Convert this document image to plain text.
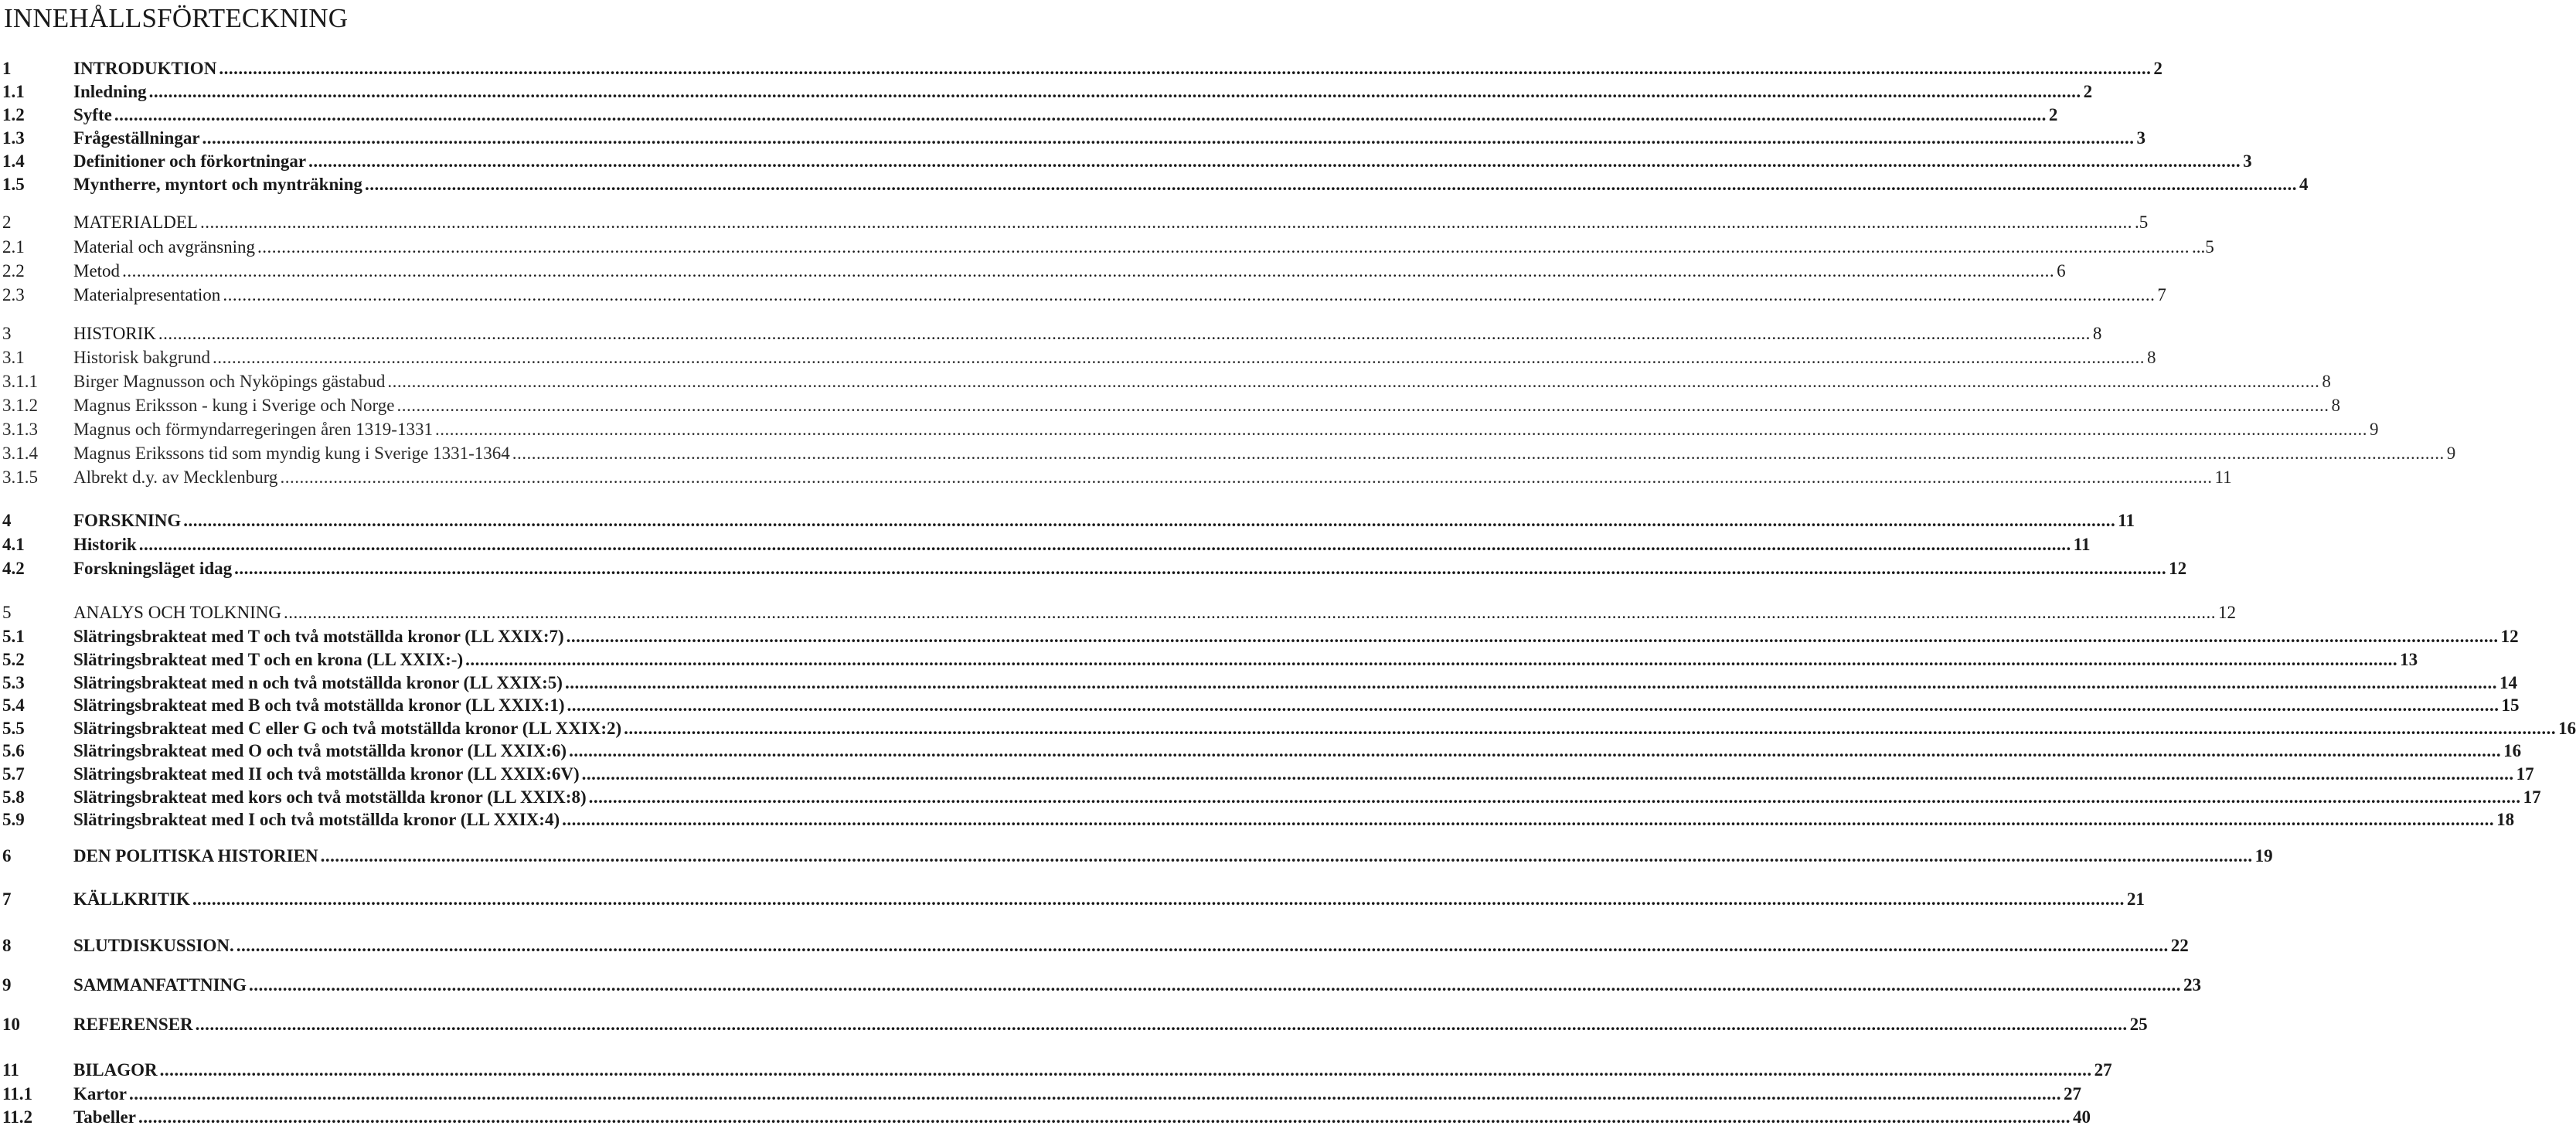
INNEHÅLLSFÖRTECKNING
1	INTRODUKTION ................................................................................................................................................................................................................................................................................................................................................................................................................ 2
1.1	Inledning ................................................................................................................................................................................................................................................................................................................................................................................................................ 2
1.2	Syfte ................................................................................................................................................................................................................................................................................................................................................................................................................ 2
1.3	Frågeställningar ................................................................................................................................................................................................................................................................................................................................................................................................................ 3
1.4	Definitioner och förkortningar ................................................................................................................................................................................................................................................................................................................................................................................................................ 3
1.5	Myntherre, myntort och mynträkning ................................................................................................................................................................................................................................................................................................................................................................................................................ 4
2	MATERIALDEL ................................................................................................................................................................................................................................................................................................................................................................................................................ .5
2.1	Material och avgränsning ................................................................................................................................................................................................................................................................................................................................................................................................................ ...5
2.2	Metod ................................................................................................................................................................................................................................................................................................................................................................................................................ 6
2.3	Materialpresentation ................................................................................................................................................................................................................................................................................................................................................................................................................ 7
3	HISTORIK ................................................................................................................................................................................................................................................................................................................................................................................................................ 8
3.1	Historisk bakgrund ................................................................................................................................................................................................................................................................................................................................................................................................................ 8
3.1.1	Birger Magnusson och Nyköpings gästabud ................................................................................................................................................................................................................................................................................................................................................................................................................ 8
3.1.2	Magnus Eriksson - kung i Sverige och Norge ................................................................................................................................................................................................................................................................................................................................................................................................................ 8
3.1.3	Magnus och förmyndarregeringen åren 1319-1331 ................................................................................................................................................................................................................................................................................................................................................................................................................ 9
3.1.4	Magnus Erikssons tid som myndig kung i Sverige 1331-1364 ................................................................................................................................................................................................................................................................................................................................................................................................................ 9
3.1.5	Albrekt d.y. av Mecklenburg ................................................................................................................................................................................................................................................................................................................................................................................................................ 11
4	FORSKNING ................................................................................................................................................................................................................................................................................................................................................................................................................ 11
4.1	Historik ................................................................................................................................................................................................................................................................................................................................................................................................................ 11
4.2	Forskningsläget idag ................................................................................................................................................................................................................................................................................................................................................................................................................ 12
5	ANALYS OCH TOLKNING ................................................................................................................................................................................................................................................................................................................................................................................................................ 12
5.1	Slätringsbrakteat med T och två motställda kronor (LL XXIX:7) ................................................................................................................................................................................................................................................................................................................................................................................................................ 12
5.2	Slätringsbrakteat med T och en krona (LL XXIX:-) ................................................................................................................................................................................................................................................................................................................................................................................................................ 13
5.3	Slätringsbrakteat med n och två motställda kronor (LL XXIX:5) ................................................................................................................................................................................................................................................................................................................................................................................................................ 14
5.4	Slätringsbrakteat med B och två motställda kronor (LL XXIX:1) ................................................................................................................................................................................................................................................................................................................................................................................................................ 15
5.5	Slätringsbrakteat med C eller G och två motställda kronor (LL XXIX:2) ................................................................................................................................................................................................................................................................................................................................................................................................................ 16
5.6	Slätringsbrakteat med O och två motställda kronor (LL XXIX:6) ................................................................................................................................................................................................................................................................................................................................................................................................................ 16
5.7	Slätringsbrakteat med II och två motställda kronor (LL XXIX:6V) ................................................................................................................................................................................................................................................................................................................................................................................................................ 17
5.8	Slätringsbrakteat med kors och två motställda kronor (LL XXIX:8) ................................................................................................................................................................................................................................................................................................................................................................................................................ 17
5.9	Slätringsbrakteat med I och två motställda kronor (LL XXIX:4) ................................................................................................................................................................................................................................................................................................................................................................................................................ 18
6	DEN POLITISKA HISTORIEN ................................................................................................................................................................................................................................................................................................................................................................................................................ 19
7	KÄLLKRITIK ................................................................................................................................................................................................................................................................................................................................................................................................................ 21
8	SLUTDISKUSSION. ................................................................................................................................................................................................................................................................................................................................................................................................................ 22
9	SAMMANFATTNING ................................................................................................................................................................................................................................................................................................................................................................................................................ 23
10	REFERENSER ................................................................................................................................................................................................................................................................................................................................................................................................................ 25
11	BILAGOR ................................................................................................................................................................................................................................................................................................................................................................................................................ 27
11.1	Kartor ................................................................................................................................................................................................................................................................................................................................................................................................................ 27
11.2	Tabeller ................................................................................................................................................................................................................................................................................................................................................................................................................ 40
